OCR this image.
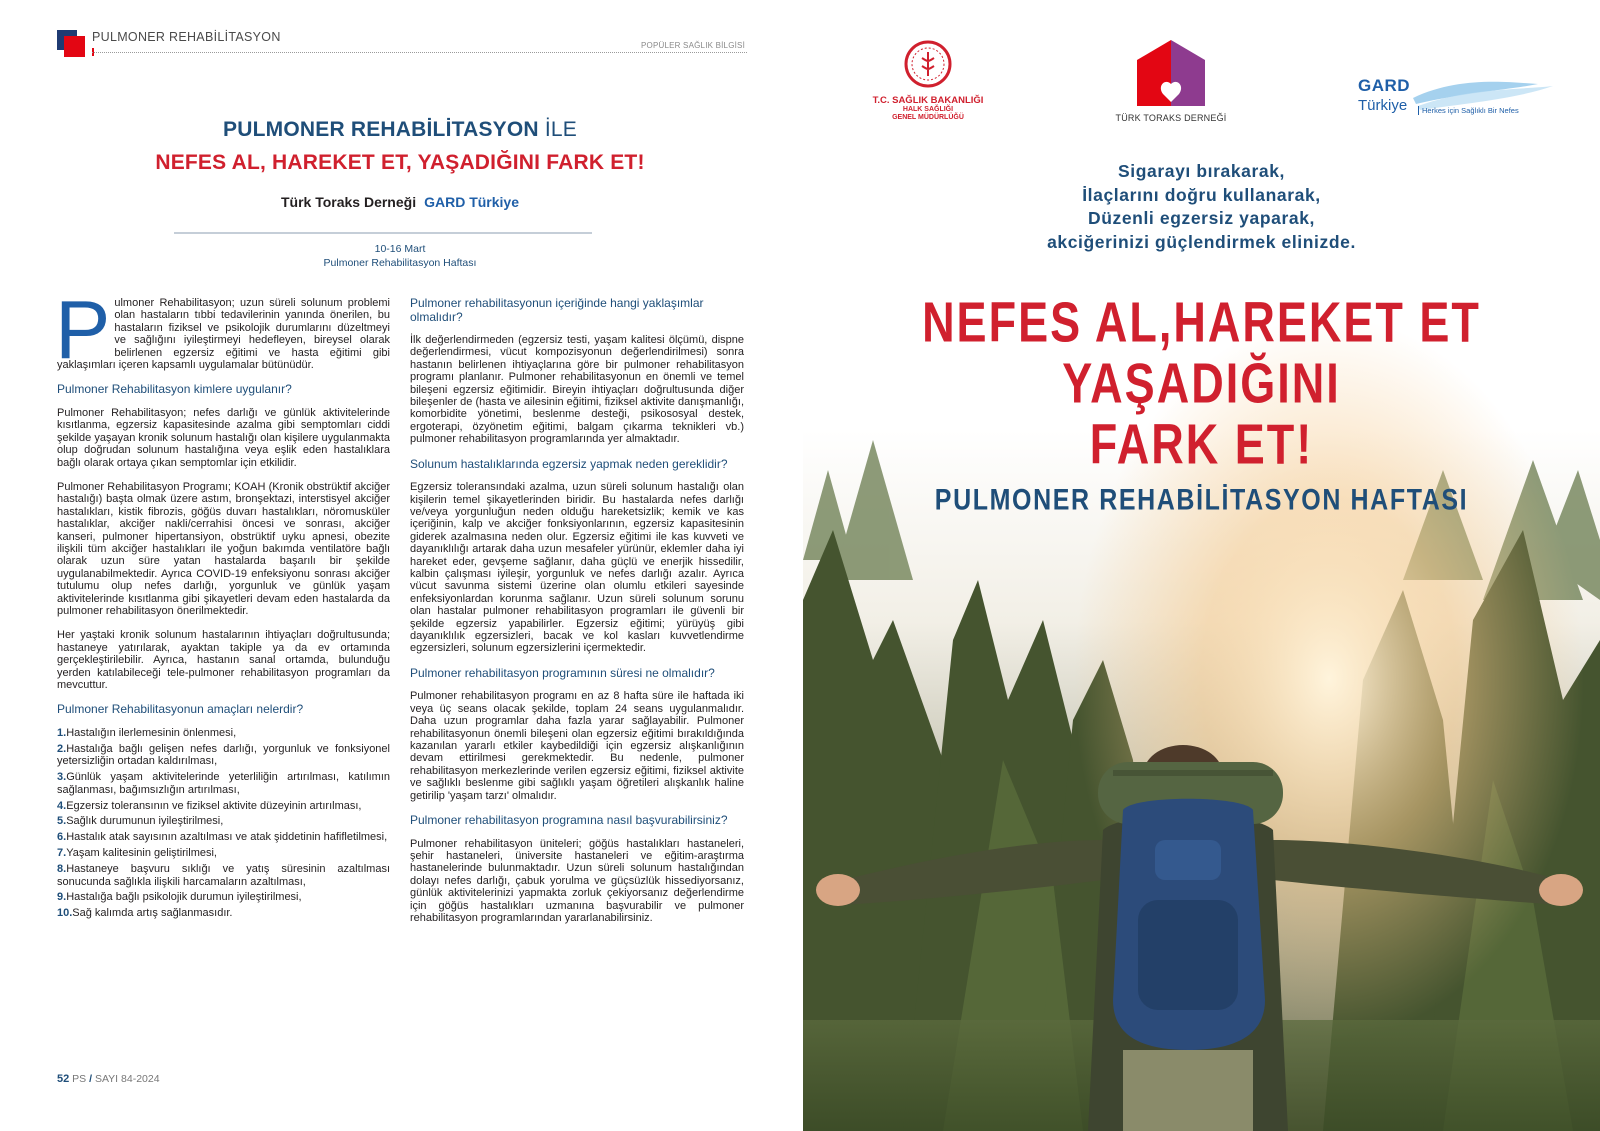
PULMONER REHABİLİTASYON
POPÜLER SAĞLIK BİLGİSİ
PULMONER REHABİLİTASYON İLE
NEFES AL, HAREKET ET, YAŞADIĞINI FARK ET!
Türk Toraks Derneği GARD Türkiye
10-16 Mart
Pulmoner Rehabilitasyon Haftası

Pulmoner Rehabilitasyon; uzun süreli solunum problemi olan hastaların tıbbi tedavilerinin yanında önerilen, bu hastaların fiziksel ve psikolojik durumlarını düzeltmeyi ve sağlığını iyileştirmeyi hedefleyen, bireysel olarak belirlenen egzersiz eğitimi ve hasta eğitimi gibi yaklaşımları içeren kapsamlı uygulamalar bütünüdür.

Pulmoner Rehabilitasyon kimlere uygulanır?

Pulmoner Rehabilitasyon; nefes darlığı ve günlük aktivitelerinde kısıtlanma, egzersiz kapasitesinde azalma gibi semptomları ciddi şekilde yaşayan kronik solunum hastalığı olan kişilere uygulanmakta olup doğrudan solunum hastalığına veya eşlik eden hastalıklara bağlı olarak ortaya çıkan semptomlar için etkilidir.

Pulmoner Rehabilitasyon Programı; KOAH (Kronik obstrüktif akciğer hastalığı) başta olmak üzere astım, bronşektazi, interstisyel akciğer hastalıkları, kistik fibrozis, göğüs duvarı hastalıkları, nöromusküler hastalıklar, akciğer nakli/cerrahisi öncesi ve sonrası, akciğer kanseri, pulmoner hipertansiyon, obstrüktif uyku apnesi, obezite ilişkili tüm akciğer hastalıkları ile yoğun bakımda ventilatöre bağlı olarak uzun süre yatan hastalarda başarılı bir şekilde uygulanabilmektedir. Ayrıca COVID-19 enfeksiyonu sonrası akciğer tutulumu olup nefes darlığı, yorgunluk ve günlük yaşam aktivitelerinde kısıtlanma gibi şikayetleri devam eden hastalarda da pulmoner rehabilitasyon önerilmektedir.

Her yaştaki kronik solunum hastalarının ihtiyaçları doğrultusunda; hastaneye yatırılarak, ayaktan takiple ya da ev ortamında gerçekleştirilebilir. Ayrıca, hastanın sanal ortamda, bulunduğu yerden katılabileceği tele-pulmoner rehabilitasyon programları da mevcuttur.

Pulmoner Rehabilitasyonun amaçları nelerdir?
1.Hastalığın ilerlemesinin önlenmesi,
2.Hastalığa bağlı gelişen nefes darlığı, yorgunluk ve fonksiyonel yetersizliğin ortadan kaldırılması,
3.Günlük yaşam aktivitelerinde yeterliliğin artırılması, katılımın sağlanması, bağımsızlığın artırılması,
4.Egzersiz toleransının ve fiziksel aktivite düzeyinin artırılması,
5.Sağlık durumunun iyileştirilmesi,
6.Hastalık atak sayısının azaltılması ve atak şiddetinin hafifletilmesi,
7.Yaşam kalitesinin geliştirilmesi,
8.Hastaneye başvuru sıklığı ve yatış süresinin azaltılması sonucunda sağlıkla ilişkili harcamaların azaltılması,
9.Hastalığa bağlı psikolojik durumun iyileştirilmesi,
10.Sağ kalımda artış sağlanmasıdır.
Pulmoner rehabilitasyonun içeriğinde hangi yaklaşımlar olmalıdır?

İlk değerlendirmeden (egzersiz testi, yaşam kalitesi ölçümü, dispne değerlendirmesi, vücut kompozisyonun değerlendirilmesi) sonra hastanın belirlenen ihtiyaçlarına göre bir pulmoner rehabilitasyon programı planlanır. Pulmoner rehabilitasyonun en önemli ve temel bileşeni egzersiz eğitimidir. Bireyin ihtiyaçları doğrultusunda diğer bileşenler de (hasta ve ailesinin eğitimi, fiziksel aktivite danışmanlığı, komorbidite yönetimi, beslenme desteği, psikososyal destek, ergoterapi, özyönetim eğitimi, balgam çıkarma teknikleri vb.) pulmoner rehabilitasyon programlarında yer almaktadır.

Solunum hastalıklarında egzersiz yapmak neden gereklidir?

Egzersiz toleransındaki azalma, uzun süreli solunum hastalığı olan kişilerin temel şikayetlerinden biridir. Bu hastalarda nefes darlığı ve/veya yorgunluğun neden olduğu hareketsizlik; kemik ve kas içeriğinin, kalp ve akciğer fonksiyonlarının, egzersiz kapasitesinin giderek azalmasına neden olur. Egzersiz eğitimi ile kas kuvveti ve dayanıklılığı artarak daha uzun mesafeler yürünür, eklemler daha iyi hareket eder, gevşeme sağlanır, daha güçlü ve enerjik hissedilir, kalbin çalışması iyileşir, yorgunluk ve nefes darlığı azalır. Ayrıca vücut savunma sistemi üzerine olan olumlu etkileri sayesinde enfeksiyonlardan korunma sağlanır. Uzun süreli solunum sorunu olan hastalar pulmoner rehabilitasyon programları ile güvenli bir şekilde egzersiz yapabilirler. Egzersiz eğitimi; yürüyüş gibi dayanıklılık egzersizleri, bacak ve kol kasları kuvvetlendirme egzersizleri, solunum egzersizlerini içermektedir.

Pulmoner rehabilitasyon programının süresi ne olmalıdır?

Pulmoner rehabilitasyon programı en az 8 hafta süre ile haftada iki veya üç seans olacak şekilde, toplam 24 seans uygulanmalıdır. Daha uzun programlar daha fazla yarar sağlayabilir. Pulmoner rehabilitasyonun önemli bileşeni olan egzersiz eğitimi bırakıldığında kazanılan yararlı etkiler kaybedildiği için egzersiz alışkanlığının devam ettirilmesi gerekmektedir. Bu nedenle, pulmoner rehabilitasyon merkezlerinde verilen egzersiz eğitimi, fiziksel aktivite ve sağlıklı beslenme gibi sağlıklı yaşam öğretileri alışkanlık haline getirilip 'yaşam tarzı' olmalıdır.

Pulmoner rehabilitasyon programına nasıl başvurabilirsiniz?

Pulmoner rehabilitasyon üniteleri; göğüs hastalıkları hastaneleri, şehir hastaneleri, üniversite hastaneleri ve eğitim-araştırma hastanelerinde bulunmaktadır. Uzun süreli solunum hastalığından dolayı nefes darlığı, çabuk yorulma ve güçsüzlük hissediyorsanız, günlük aktivitelerinizi yapmakta zorluk çekiyorsanız değerlendirme için göğüs hastalıkları uzmanına başvurabilir ve pulmoner rehabilitasyon programlarından yararlanabilirsiniz.

52 PS / SAYI 84-2024
T.C. SAĞLIK BAKANLIĞI
HALK SAĞLIĞI
GENEL MÜDÜRLÜĞÜ	TÜRK TORAKS DERNEĞİ
GARD
Türkiye	Herkes için Sağlıklı Bir Nefes
Sigarayı bırakarak,
İlaçlarını doğru kullanarak,
Düzenli egzersiz yaparak,
akciğerinizi güçlendirmek elinizde.
NEFES AL,HAREKET ET
YAŞADIĞINI
FARK ET!
PULMONER REHABİLİTASYON HAFTASI
